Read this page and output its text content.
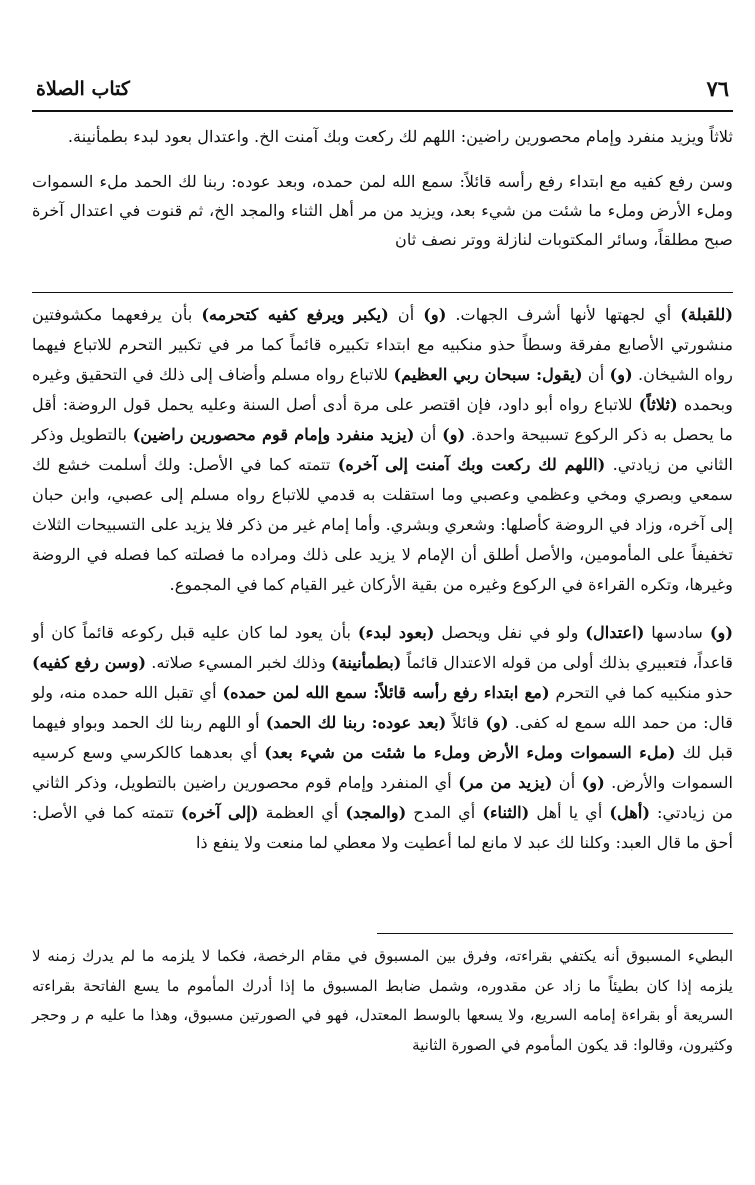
٧٦
كتاب الصلاة

ثلاثاً ويزيد منفرد وإمام محصورين راضين: اللهم لك ركعت وبك آمنت الخ. واعتدال بعود لبدء بطمأنينة.

وسن رفع كفيه مع ابتداء رفع رأسه قائلاً: سمع الله لمن حمده، وبعد عوده: ربنا لك الحمد ملء السموات وملء الأرض وملء ما شئت من شيء بعد، ويزيد من مر أهل الثناء والمجد الخ، ثم قنوت في اعتدال آخرة صبح مطلقاً، وسائر المكتوبات لنازلة ووتر نصف ثان

(للقبلة) أي لجهتها لأنها أشرف الجهات. (و) أن (يكبر ويرفع كفيه كتحرمه) بأن يرفعهما مكشوفتين منشورتي الأصابع مفرقة وسطاً حذو منكبيه مع ابتداء تكبيره قائماً كما مر في تكبير التحرم للاتباع فيهما رواه الشيخان. (و) أن (يقول: سبحان ربي العظيم) للاتباع رواه مسلم وأضاف إلى ذلك في التحقيق وغيره وبحمده (ثلاثاً) للاتباع رواه أبو داود، فإن اقتصر على مرة أدى أصل السنة وعليه يحمل قول الروضة: أقل ما يحصل به ذكر الركوع تسبيحة واحدة. (و) أن (يزيد منفرد وإمام قوم محصورين راضين) بالتطويل وذكر الثاني من زيادتي. (اللهم لك ركعت وبك آمنت إلى آخره) تتمته كما في الأصل: ولك أسلمت خشع لك سمعي وبصري ومخي وعظمي وعصبي وما استقلت به قدمي للاتباع رواه مسلم إلى عصبي، وابن حبان إلى آخره، وزاد في الروضة كأصلها: وشعري وبشري. وأما إمام غير من ذكر فلا يزيد على التسبيحات الثلاث تخفيفاً على المأمومين، والأصل أطلق أن الإمام لا يزيد على ذلك ومراده ما فصلته كما فصله في الروضة وغيرها، وتكره القراءة في الركوع وغيره من بقية الأركان غير القيام كما في المجموع.

(و) سادسها (اعتدال) ولو في نفل ويحصل (بعود لبدء) بأن يعود لما كان عليه قبل ركوعه قائماً كان أو قاعداً، فتعبيري بذلك أولى من قوله الاعتدال قائماً (بطمأنينة) وذلك لخبر المسيء صلاته. (وسن رفع كفيه) حذو منكبيه كما في التحرم (مع ابتداء رفع رأسه قائلاً: سمع الله لمن حمده) أي تقبل الله حمده منه، ولو قال: من حمد الله سمع له كفى. (و) قائلاً (بعد عوده: ربنا لك الحمد) أو اللهم ربنا لك الحمد وبواو فيهما قبل لك (ملء السموات وملء الأرض وملء ما شئت من شيء بعد) أي بعدهما كالكرسي وسع كرسيه السموات والأرض. (و) أن (يزيد من مر) أي المنفرد وإمام قوم محصورين راضين بالتطويل، وذكر الثاني من زيادتي: (أهل) أي يا أهل (الثناء) أي المدح (والمجد) أي العظمة (إلى آخره) تتمته كما في الأصل: أحق ما قال العبد: وكلنا لك عبد لا مانع لما أعطيت ولا معطي لما منعت ولا ينفع ذا

البطيء المسبوق أنه يكتفي بقراءته، وفرق بين المسبوق في مقام الرخصة، فكما لا يلزمه ما لم يدرك زمنه لا يلزمه إذا كان بطيئاً ما زاد عن مقدوره، وشمل ضابط المسبوق ما إذا أدرك المأموم ما يسع الفاتحة بقراءته السريعة أو بقراءة إمامه السريع، ولا يسعها بالوسط المعتدل، فهو في الصورتين مسبوق، وهذا ما عليه م ر وحجر وكثيرون، وقالوا: قد يكون المأموم في الصورة الثانية
